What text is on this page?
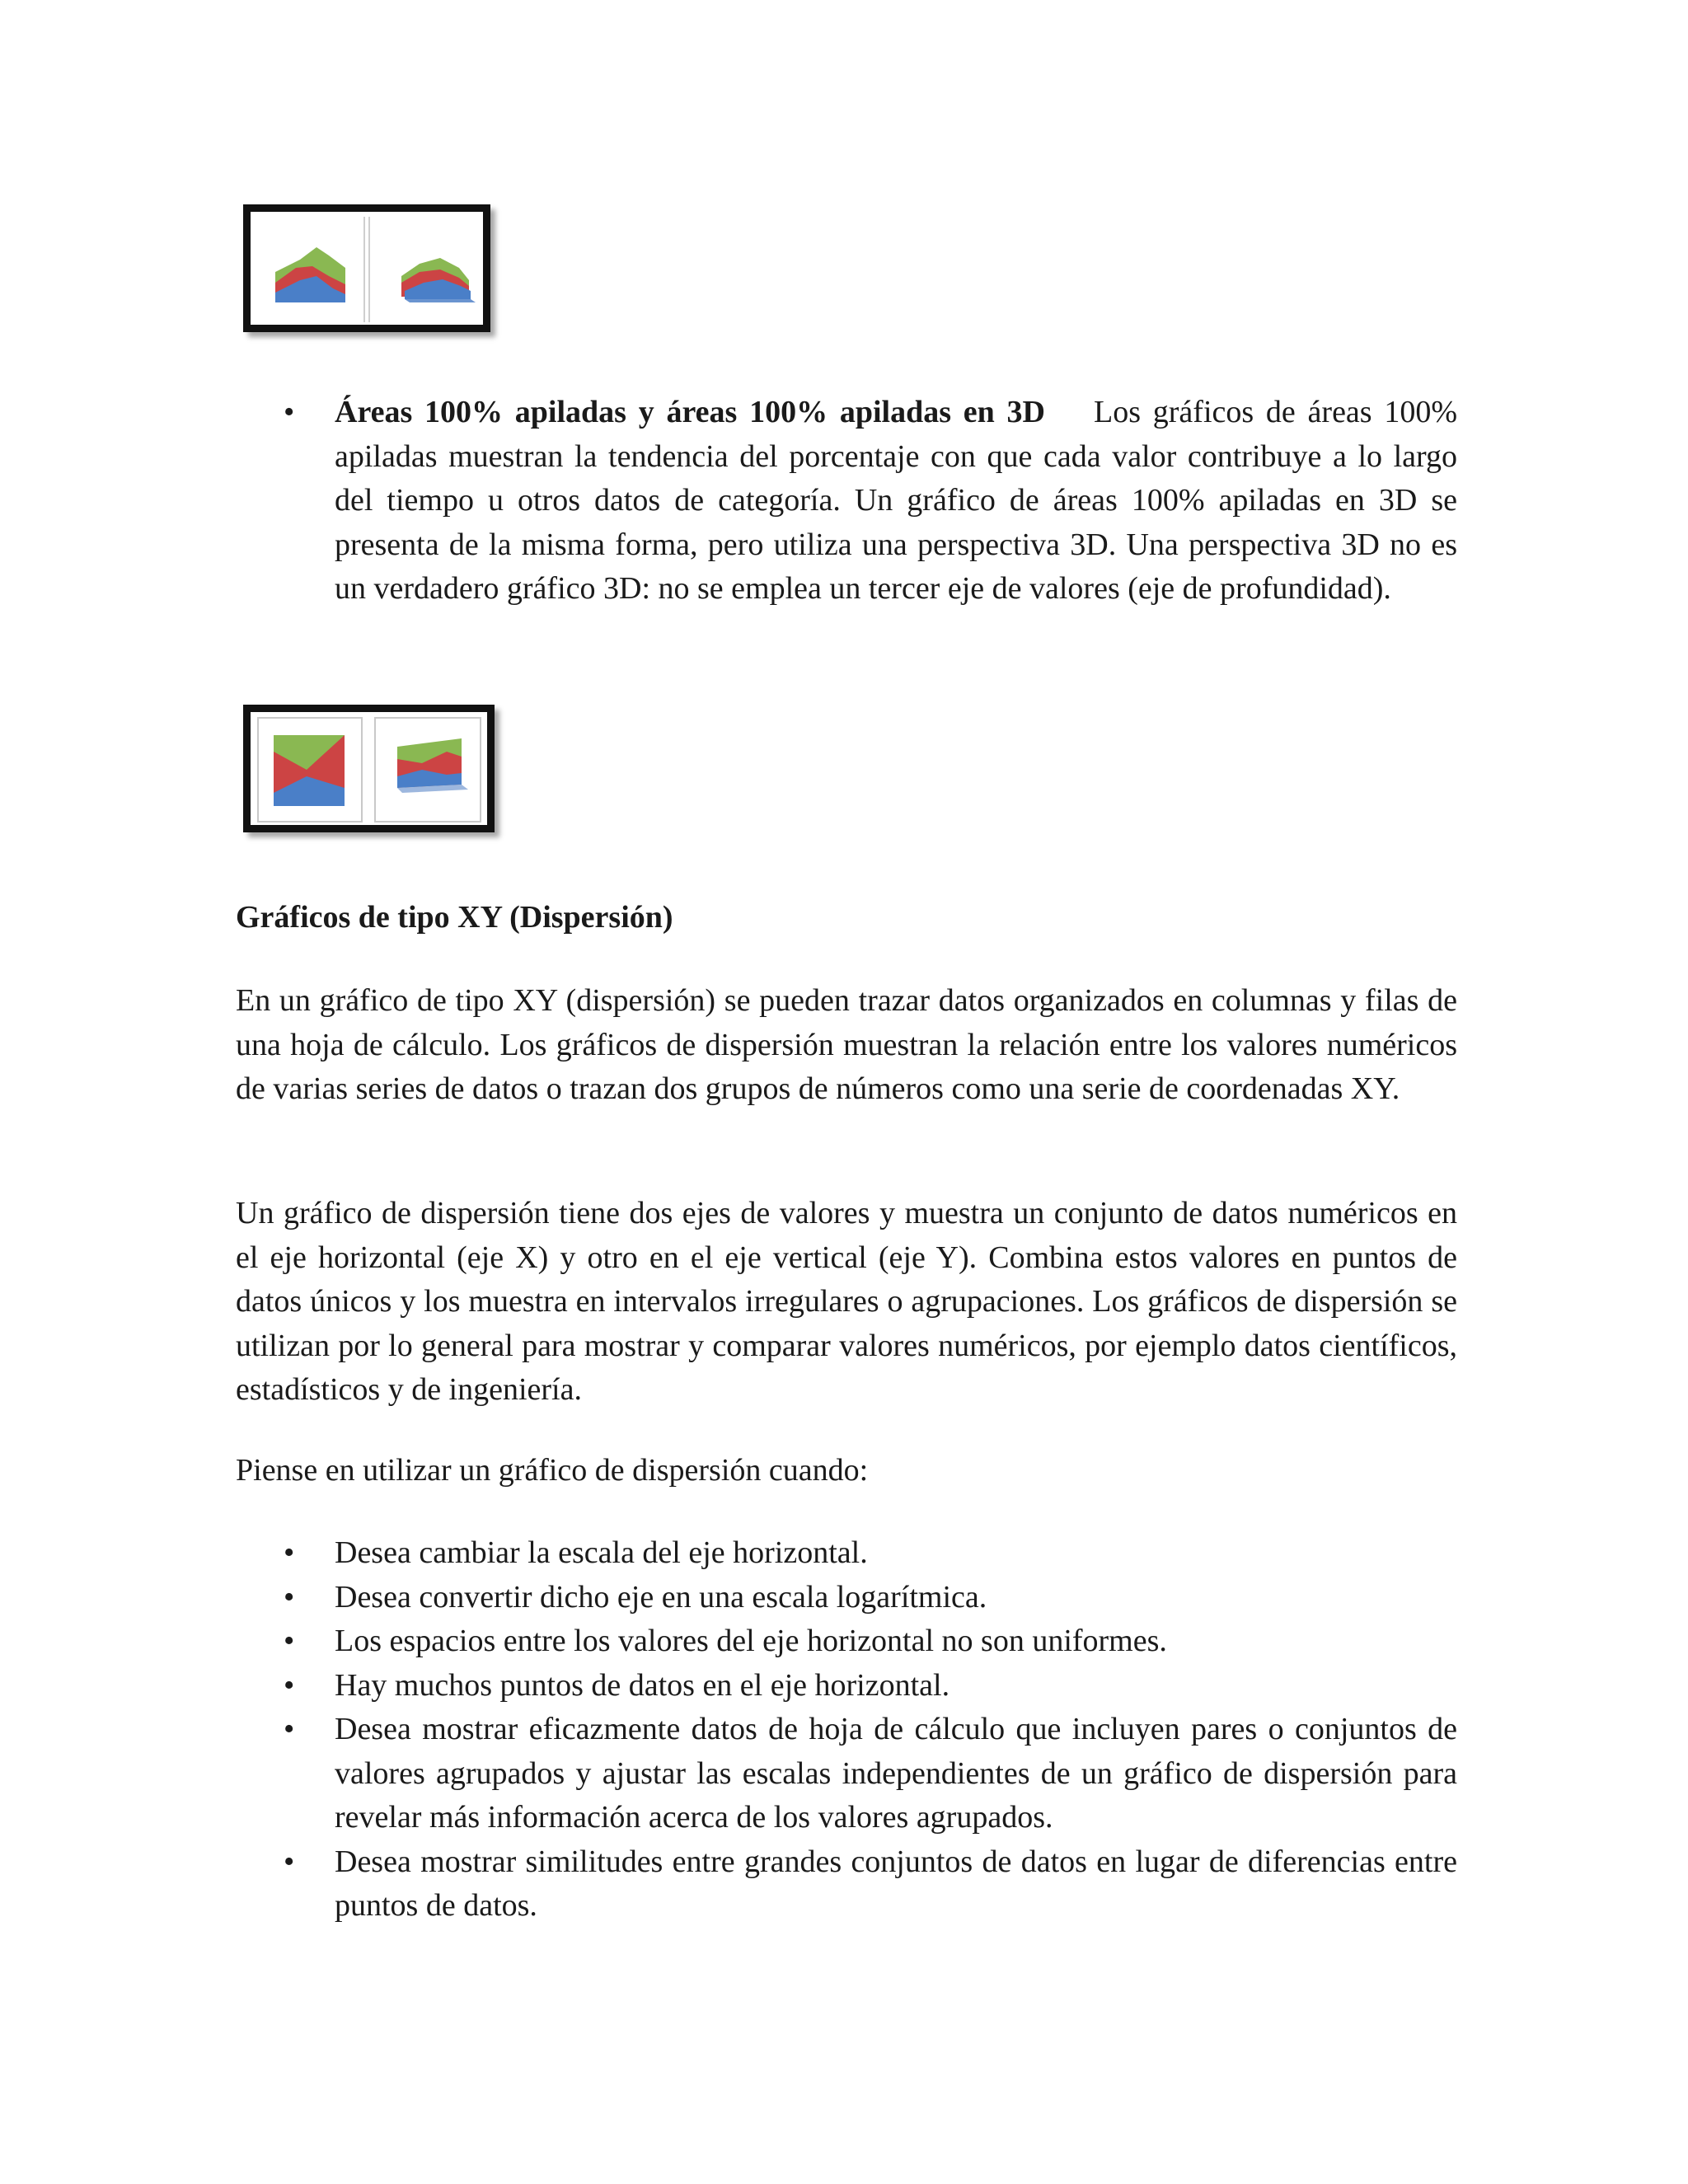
• Áreas 100% apiladas y áreas 100% apiladas en 3D Los gráficos de áreas 100% apiladas muestran la tendencia del porcentaje con que cada valor contribuye a lo largo del tiempo u otros datos de categoría. Un gráfico de áreas 100% apiladas en 3D se presenta de la misma forma, pero utiliza una perspectiva 3D. Una perspectiva 3D no es un verdadero gráfico 3D: no se emplea un tercer eje de valores (eje de profundidad).
Gráficos de tipo XY (Dispersión)

En un gráfico de tipo XY (dispersión) se pueden trazar datos organizados en columnas y filas de una hoja de cálculo. Los gráficos de dispersión muestran la relación entre los valores numéricos de varias series de datos o trazan dos grupos de números como una serie de coordenadas XY.

Un gráfico de dispersión tiene dos ejes de valores y muestra un conjunto de datos numéricos en el eje horizontal (eje X) y otro en el eje vertical (eje Y). Combina estos valores en puntos de datos únicos y los muestra en intervalos irregulares o agrupaciones. Los gráficos de dispersión se utilizan por lo general para mostrar y comparar valores numéricos, por ejemplo datos científicos, estadísticos y de ingeniería.

Piense en utilizar un gráfico de dispersión cuando:

• Desea cambiar la escala del eje horizontal.
• Desea convertir dicho eje en una escala logarítmica.
• Los espacios entre los valores del eje horizontal no son uniformes.
• Hay muchos puntos de datos en el eje horizontal.
• Desea mostrar eficazmente datos de hoja de cálculo que incluyen pares o conjuntos de valores agrupados y ajustar las escalas independientes de un gráfico de dispersión para revelar más información acerca de los valores agrupados.
• Desea mostrar similitudes entre grandes conjuntos de datos en lugar de diferencias entre puntos de datos.
